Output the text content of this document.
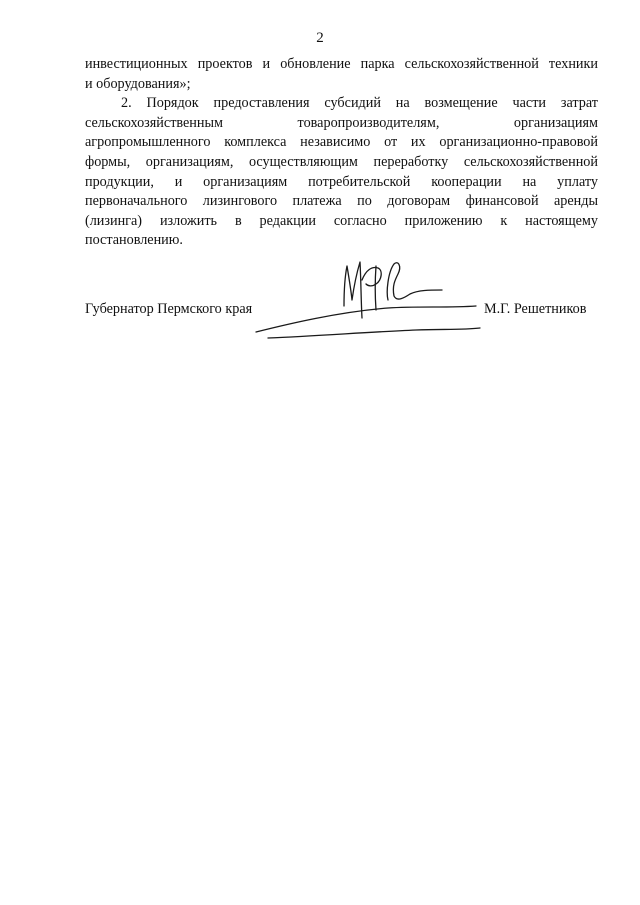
2
инвестиционных проектов и обновление парка сельскохозяйственной техники
и оборудования»;
2. Порядок предоставления субсидий на возмещение части затрат
сельскохозяйственным товаропроизводителям, организациям
агропромышленного комплекса независимо от их организационно-правовой
формы, организациям, осуществляющим переработку сельскохозяйственной
продукции, и организациям потребительской кооперации на уплату
первоначального лизингового платежа по договорам финансовой аренды
(лизинга) изложить в редакции согласно приложению к настоящему
постановлению.
Губернатор Пермского края	М.Г. Решетников
